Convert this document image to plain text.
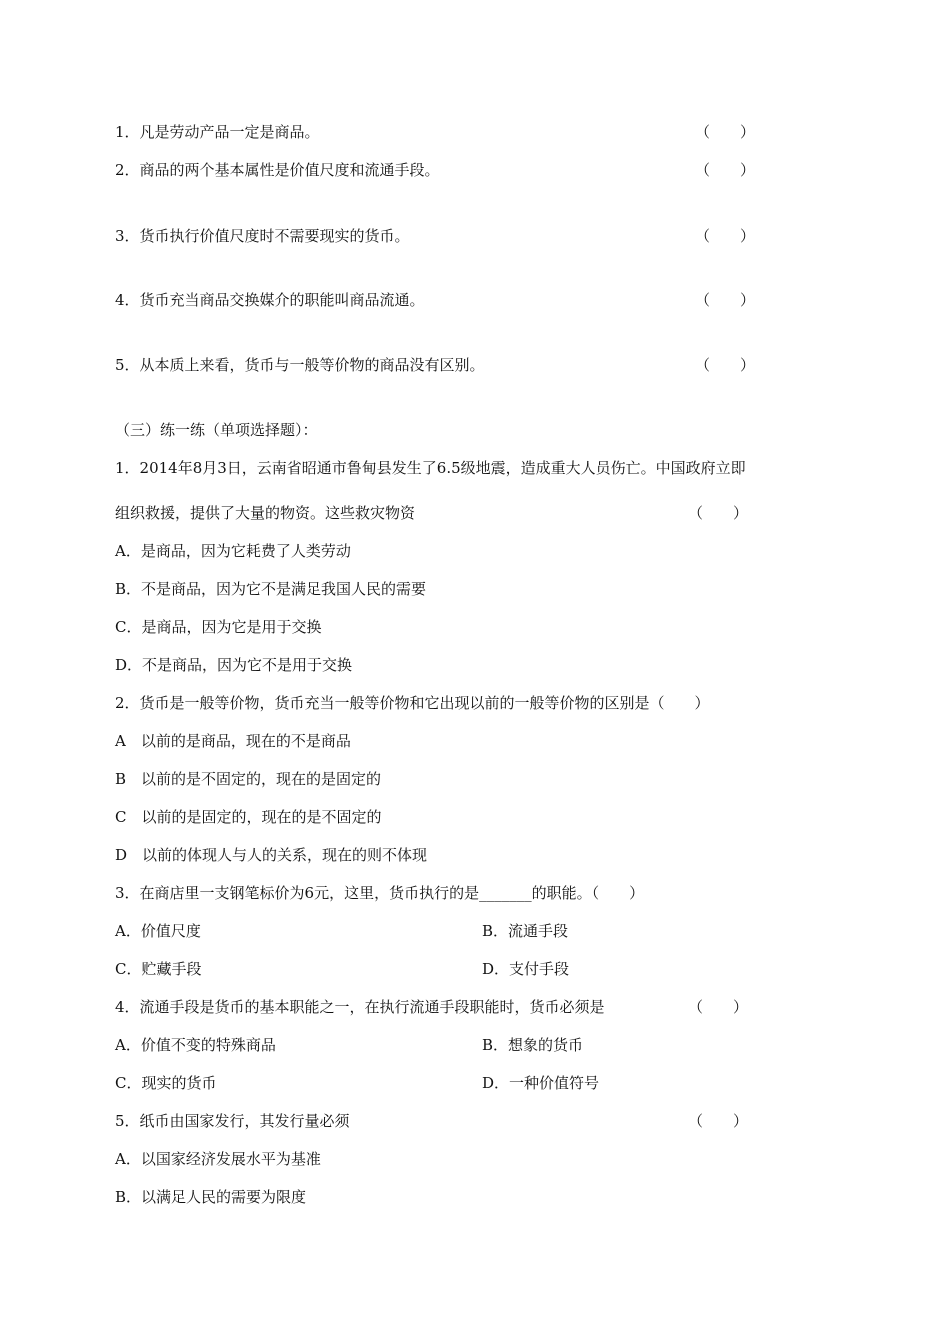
1．凡是劳动产品一定是商品。	（　　）
2．商品的两个基本属性是价值尺度和流通手段。	（　　）
3．货币执行价值尺度时不需要现实的货币。	（　　）
4．货币充当商品交换媒介的职能叫商品流通。	（　　）
5．从本质上来看，货币与一般等价物的商品没有区别。	（　　）
（三）练一练（单项选择题）：
1．2014年8月3日，云南省昭通市鲁甸县发生了6.5级地震，造成重大人员伤亡。中国政府立即
组织救援，提供了大量的物资。这些救灾物资	（　　）
A．是商品，因为它耗费了人类劳动
B．不是商品，因为它不是满足我国人民的需要
C．是商品，因为它是用于交换
D．不是商品，因为它不是用于交换
2．货币是一般等价物，货币充当一般等价物和它出现以前的一般等价物的区别是（　　）
A　以前的是商品，现在的不是商品
B　以前的是不固定的，现在的是固定的
C　以前的是固定的，现在的是不固定的
D　以前的体现人与人的关系，现在的则不体现
3．在商店里一支钢笔标价为6元，这里，货币执行的是_______的职能。（　　）
A．价值尺度	B．流通手段
C．贮藏手段	D．支付手段
4．流通手段是货币的基本职能之一，在执行流通手段职能时，货币必须是	（　　）
A．价值不变的特殊商品	B．想象的货币
C．现实的货币	D．一种价值符号
5．纸币由国家发行，其发行量必须	（　　）
A．以国家经济发展水平为基准
B．以满足人民的需要为限度
